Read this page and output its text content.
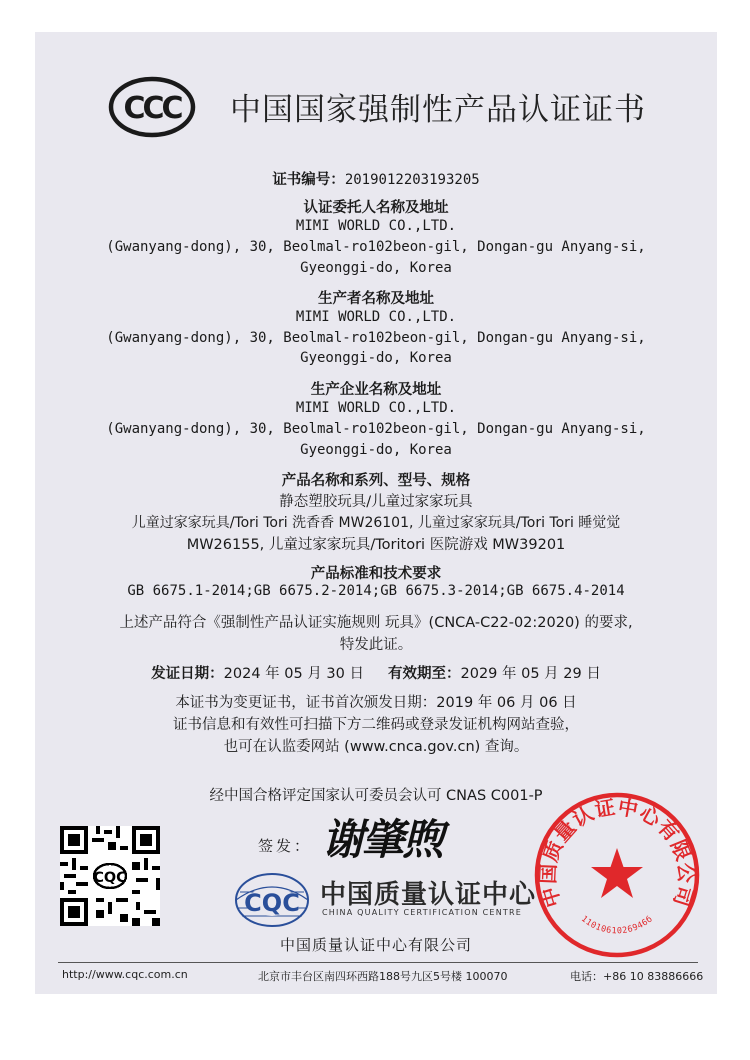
CCC 中国国家强制性产品认证证书
证书编号：2019012203193205
认证委托人名称及地址
MIMI WORLD CO.,LTD.
(Gwanyang-dong), 30, Beolmal-ro102beon-gil, Dongan-gu Anyang-si,
Gyeonggi-do, Korea
生产者名称及地址
MIMI WORLD CO.,LTD.
(Gwanyang-dong), 30, Beolmal-ro102beon-gil, Dongan-gu Anyang-si,
Gyeonggi-do, Korea
生产企业名称及地址
MIMI WORLD CO.,LTD.
(Gwanyang-dong), 30, Beolmal-ro102beon-gil, Dongan-gu Anyang-si,
Gyeonggi-do, Korea
产品名称和系列、型号、规格
静态塑胶玩具/儿童过家家玩具
儿童过家家玩具/Tori Tori 洗香香 MW26101, 儿童过家家玩具/Tori Tori 睡觉觉
MW26155, 儿童过家家玩具/Toritori 医院游戏 MW39201
产品标准和技术要求
GB 6675.1-2014;GB 6675.2-2014;GB 6675.3-2014;GB 6675.4-2014
上述产品符合《强制性产品认证实施规则 玩具》(CNCA-C22-02:2020) 的要求,
特发此证。
发证日期：2024 年 05 月 30 日 有效期至：2029 年 05 月 29 日
本证书为变更证书，证书首次颁发日期：2019 年 06 月 06 日
证书信息和有效性可扫描下方二维码或登录发证机构网站查验，
也可在认监委网站 (www.cnca.gov.cn) 查询。
经中国合格评定国家认可委员会认可 CNAS C001-P
CQC
签发： 谢肇煦
CQC 中国质量认证中心
CHINA QUALITY CERTIFICATION CENTRE
中国质量认证中心有限公司
中国质量认证中心有限公司
1101061026946б
http://www.cqc.com.cn	北京市丰台区南四环西路188号九区5号楼 100070	电话：+86 10 83886666
